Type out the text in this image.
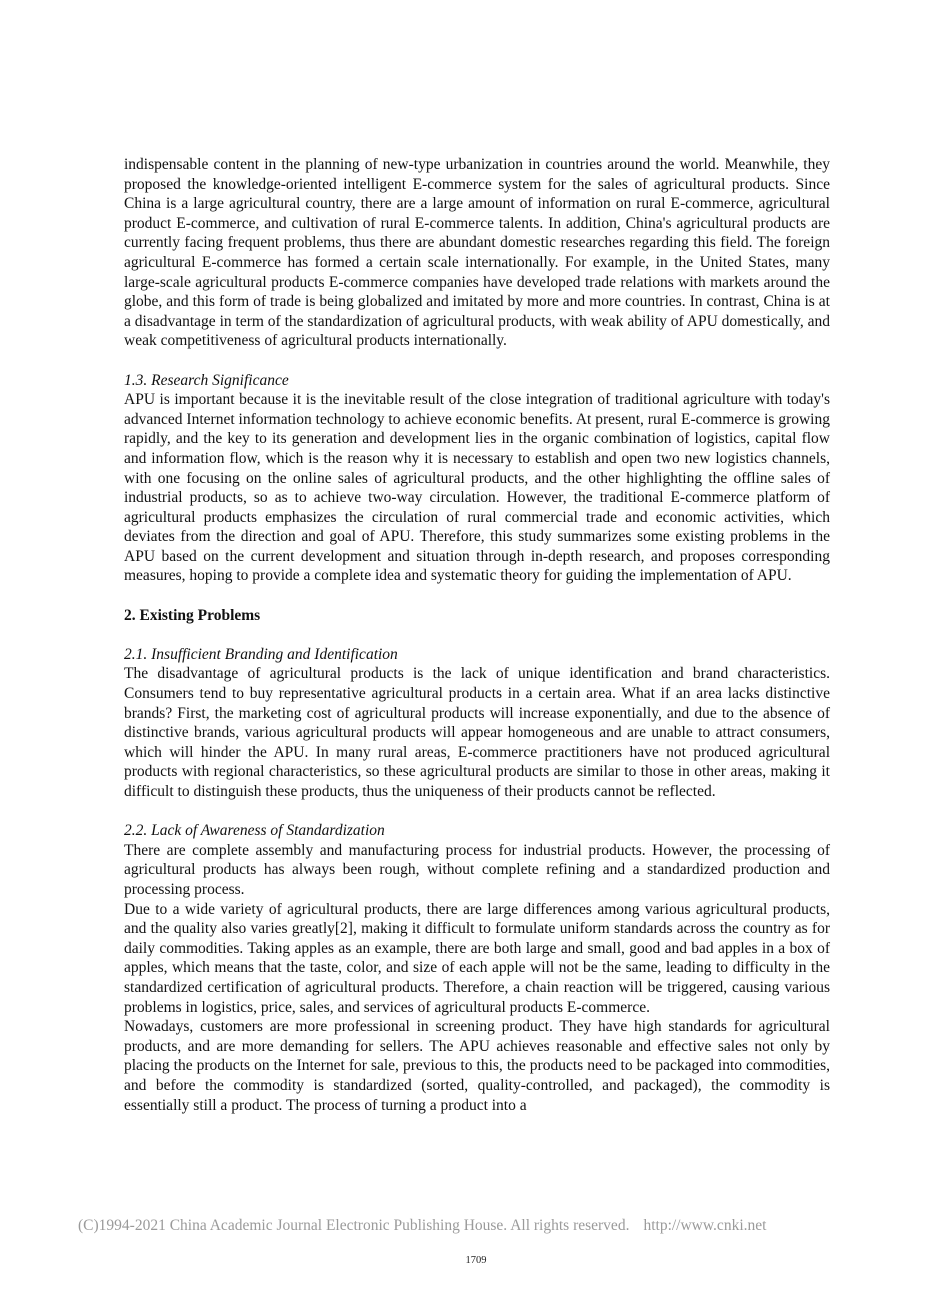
indispensable content in the planning of new-type urbanization in countries around the world. Meanwhile, they proposed the knowledge-oriented intelligent E-commerce system for the sales of agricultural products. Since China is a large agricultural country, there are a large amount of information on rural E-commerce, agricultural product E-commerce, and cultivation of rural E-commerce talents. In addition, China's agricultural products are currently facing frequent problems, thus there are abundant domestic researches regarding this field. The foreign agricultural E-commerce has formed a certain scale internationally. For example, in the United States, many large-scale agricultural products E-commerce companies have developed trade relations with markets around the globe, and this form of trade is being globalized and imitated by more and more countries. In contrast, China is at a disadvantage in term of the standardization of agricultural products, with weak ability of APU domestically, and weak competitiveness of agricultural products internationally.

1.3. Research Significance

APU is important because it is the inevitable result of the close integration of traditional agriculture with today's advanced Internet information technology to achieve economic benefits. At present, rural E-commerce is growing rapidly, and the key to its generation and development lies in the organic combination of logistics, capital flow and information flow, which is the reason why it is necessary to establish and open two new logistics channels, with one focusing on the online sales of agricultural products, and the other highlighting the offline sales of industrial products, so as to achieve two-way circulation. However, the traditional E-commerce platform of agricultural products emphasizes the circulation of rural commercial trade and economic activities, which deviates from the direction and goal of APU. Therefore, this study summarizes some existing problems in the APU based on the current development and situation through in-depth research, and proposes corresponding measures, hoping to provide a complete idea and systematic theory for guiding the implementation of APU.

2. Existing Problems

2.1. Insufficient Branding and Identification

The disadvantage of agricultural products is the lack of unique identification and brand characteristics. Consumers tend to buy representative agricultural products in a certain area. What if an area lacks distinctive brands? First, the marketing cost of agricultural products will increase exponentially, and due to the absence of distinctive brands, various agricultural products will appear homogeneous and are unable to attract consumers, which will hinder the APU. In many rural areas, E-commerce practitioners have not produced agricultural products with regional characteristics, so these agricultural products are similar to those in other areas, making it difficult to distinguish these products, thus the uniqueness of their products cannot be reflected.

2.2. Lack of Awareness of Standardization

There are complete assembly and manufacturing process for industrial products. However, the processing of agricultural products has always been rough, without complete refining and a standardized production and processing process.

Due to a wide variety of agricultural products, there are large differences among various agricultural products, and the quality also varies greatly[2], making it difficult to formulate uniform standards across the country as for daily commodities. Taking apples as an example, there are both large and small, good and bad apples in a box of apples, which means that the taste, color, and size of each apple will not be the same, leading to difficulty in the standardized certification of agricultural products. Therefore, a chain reaction will be triggered, causing various problems in logistics, price, sales, and services of agricultural products E-commerce.

Nowadays, customers are more professional in screening product. They have high standards for agricultural products, and are more demanding for sellers. The APU achieves reasonable and effective sales not only by placing the products on the Internet for sale, previous to this, the products need to be packaged into commodities, and before the commodity is standardized (sorted, quality-controlled, and packaged), the commodity is essentially still a product. The process of turning a product into a

(C)1994-2021 China Academic Journal Electronic Publishing House. All rights reserved. http://www.cnki.net
1709
